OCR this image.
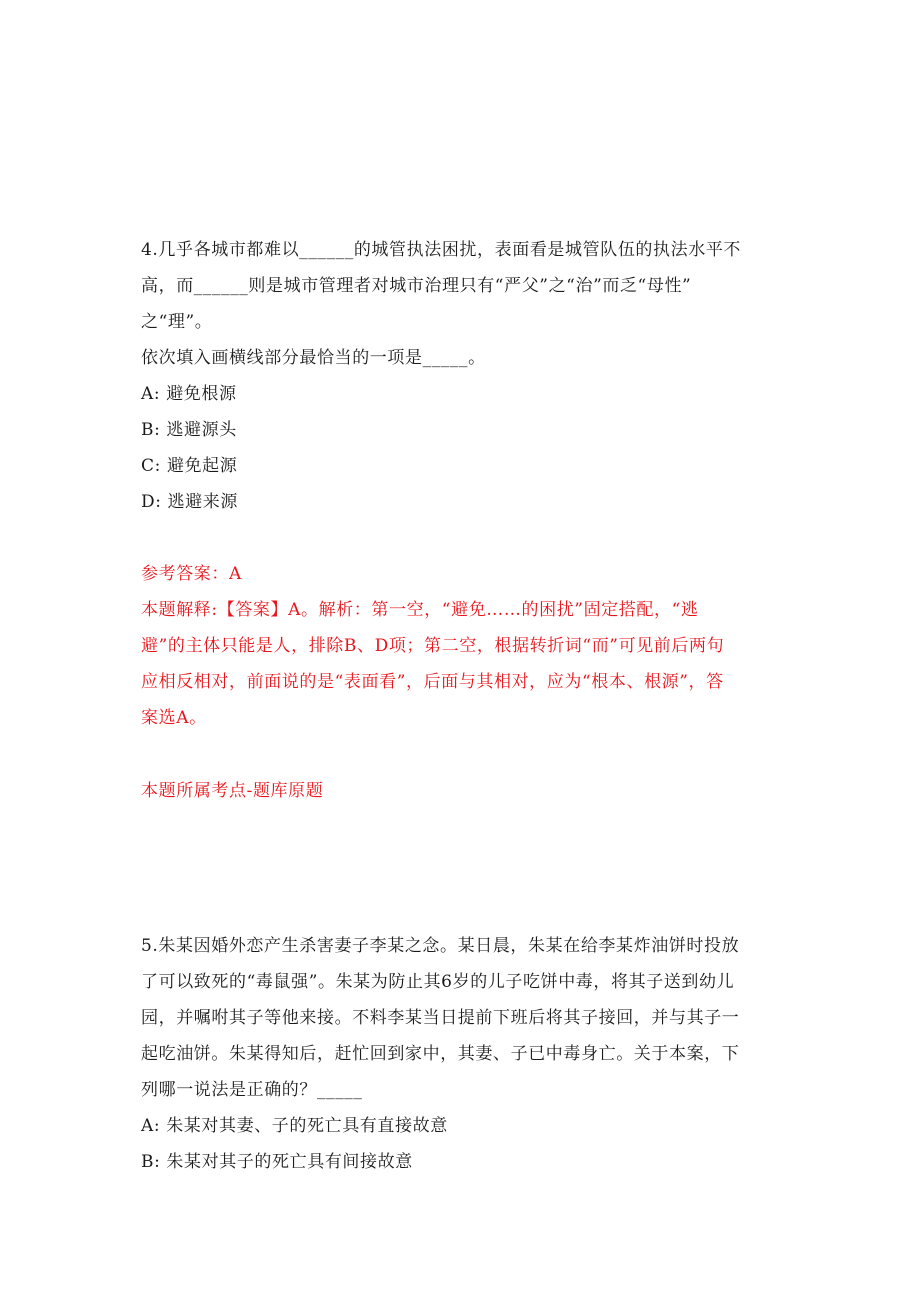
4.几乎各城市都难以______的城管执法困扰，表面看是城管队伍的执法水平不
高，而______则是城市管理者对城市治理只有“严父”之“治”而乏“母性”
之“理”。
依次填入画横线部分最恰当的一项是_____。
A: 避免根源
B: 逃避源头
C: 避免起源
D: 逃避来源
参考答案：A
本题解释:【答案】A。解析：第一空，“避免……的困扰”固定搭配，“逃
避”的主体只能是人，排除B、D项；第二空，根据转折词“而”可见前后两句
应相反相对，前面说的是“表面看”，后面与其相对，应为“根本、根源”，答
案选A。
本题所属考点-题库原题
5.朱某因婚外恋产生杀害妻子李某之念。某日晨，朱某在给李某炸油饼时投放
了可以致死的“毒鼠强”。朱某为防止其6岁的儿子吃饼中毒，将其子送到幼儿
园，并嘱咐其子等他来接。不料李某当日提前下班后将其子接回，并与其子一
起吃油饼。朱某得知后，赶忙回到家中，其妻、子已中毒身亡。关于本案，下
列哪一说法是正确的？_____
A: 朱某对其妻、子的死亡具有直接故意
B: 朱某对其子的死亡具有间接故意
